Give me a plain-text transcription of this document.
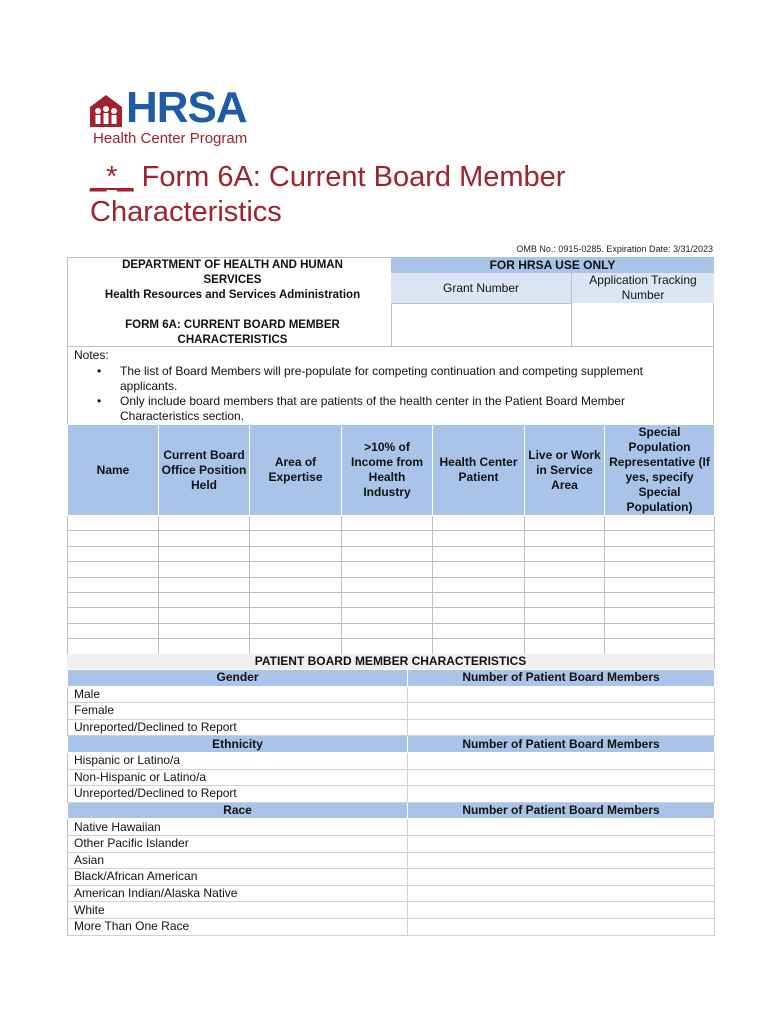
HRSA
Health Center Program
_*_ Form 6A: Current Board Member
Characteristics
OMB No.: 0915-0285. Expiration Date: 3/31/2023
DEPARTMENT OF HEALTH AND HUMAN
SERVICES
Health Resources and Services Administration
FORM 6A: CURRENT BOARD MEMBER
CHARACTERISTICS
FOR HRSA USE ONLY
Grant Number
Application Tracking
Number
Notes:
• The list of Board Members will pre-populate for competing continuation and competing supplement applicants.
• Only include board members that are patients of the health center in the Patient Board Member Characteristics section.
Name	Current Board Office Position Held	Area of Expertise	>10% of Income from Health Industry	Health Center Patient	Live or Work in Service Area	Special Population Representative (If yes, specify Special Population)

PATIENT BOARD MEMBER CHARACTERISTICS
Gender	Number of Patient Board Members
Male	
Female	
Unreported/Declined to Report	
Ethnicity	Number of Patient Board Members
Hispanic or Latino/a	
Non-Hispanic or Latino/a	
Unreported/Declined to Report	
Race	Number of Patient Board Members
Native Hawaiian	
Other Pacific Islander	
Asian	
Black/African American	
American Indian/Alaska Native	
White	
More Than One Race	
